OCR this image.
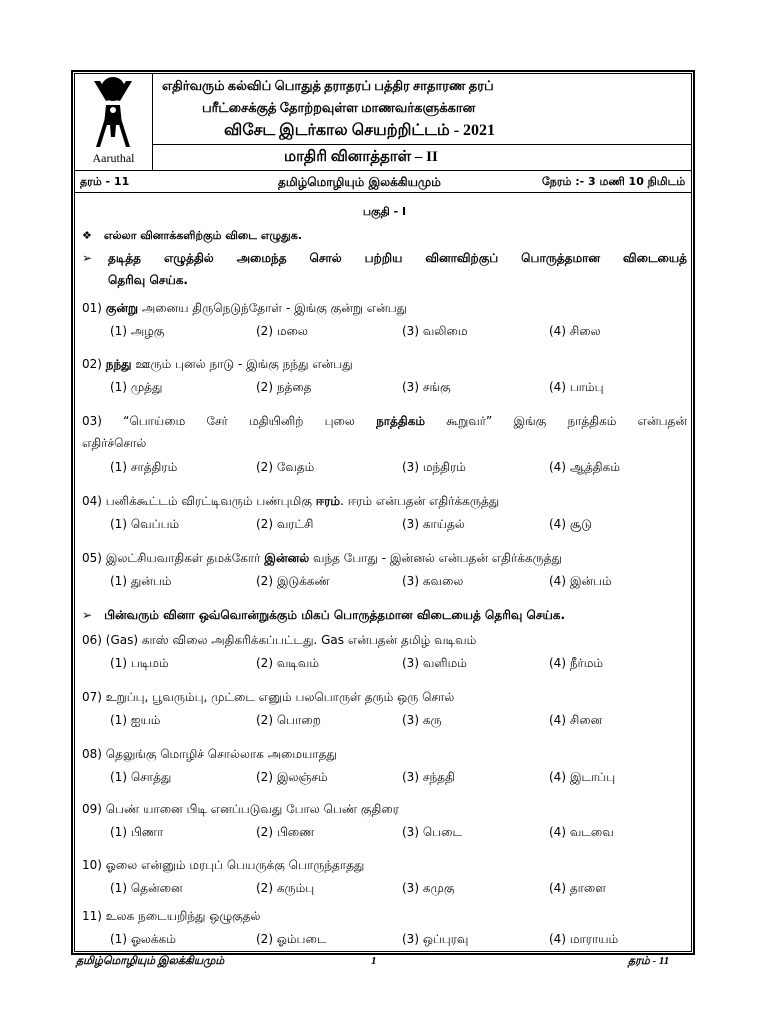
Aaruthal
எதிர்வரும் கல்விப் பொதுத் தராதரப் பத்திர சாதாரண தரப்
பரீட்சைக்குத் தோற்றவுள்ள மாணவர்களுக்கான
விசேட இடர்கால செயற்றிட்டம் - 2021
மாதிரி வினாத்தாள் – II
தரம் - 11	தமிழ்மொழியும் இலக்கியமும்	நேரம் :- 3 மணி 10 நிமிடம்
பகுதி - I
❖ எல்லா வினாக்களிற்கும் விடை எழுதுக.
➢ தடித்த எழுத்தில் அமைந்த சொல் பற்றிய வினாவிற்குப் பொருத்தமான விடையைத்
தெரிவு செய்க.
01) குன்று அனைய திருநெடுந்தோள் - இங்கு குன்று என்பது
(1) அழகு	(2) மலை	(3) வலிமை	(4) சிலை
02) நந்து ஊரும் புனல் நாடு - இங்கு நந்து என்பது
(1) முத்து	(2) நத்தை	(3) சங்கு	(4) பாம்பு
03) “பொய்மை சேர் மதியினிற் புலை நாத்திகம் கூறுவர்” இங்கு நாத்திகம் என்பதன்
எதிர்ச்சொல்
(1) சாத்திரம்	(2) வேதம்	(3) மந்திரம்	(4) ஆத்திகம்
04) பனிக்கூட்டம் விரட்டிவரும் பண்புமிகு ஈரம். ஈரம் என்பதன் எதிர்க்கருத்து
(1) வெப்பம்	(2) வரட்சி	(3) காய்தல்	(4) சூடு
05) இலட்சியவாதிகள் தமக்கோர் இன்னல் வந்த போது - இன்னல் என்பதன் எதிர்க்கருத்து
(1) துன்பம்	(2) இடுக்கண்	(3) கவலை	(4) இன்பம்
➢ பின்வரும் வினா ஒவ்வொன்றுக்கும் மிகப் பொருத்தமான விடையைத் தெரிவு செய்க.
06) (Gas) காஸ் விலை அதிகரிக்கப்பட்டது. Gas என்பதன் தமிழ் வடிவம்
(1) படிமம்	(2) வடிவம்	(3) வளிமம்	(4) நீர்மம்
07) உறுப்பு, பூவரும்பு, முட்டை எனும் பலபொருள் தரும் ஒரு சொல்
(1) ஐயம்	(2) பொறை	(3) கரு	(4) சினை
08) தெலுங்கு மொழிச் சொல்லாக அமையாதது
(1) சொத்து	(2) இலஞ்சம்	(3) சந்ததி	(4) இடாப்பு
09) பெண் யானை பிடி எனப்படுவது போல பெண் குதிரை
(1) பிணா	(2) பிணை	(3) பெடை	(4) வடவை
10) ஓலை என்னும் மரபுப் பெயருக்கு பொருந்தாதது
(1) தென்னை	(2) கரும்பு	(3) கமுகு	(4) தாளை
11) உலக நடையறிந்து ஒழுகுதல்
(1) ஓலக்கம்	(2) ஓம்படை	(3) ஒப்புரவு	(4) மாராயம்
தமிழ்மொழியும் இலக்கியமும்	1	தரம் - 11
